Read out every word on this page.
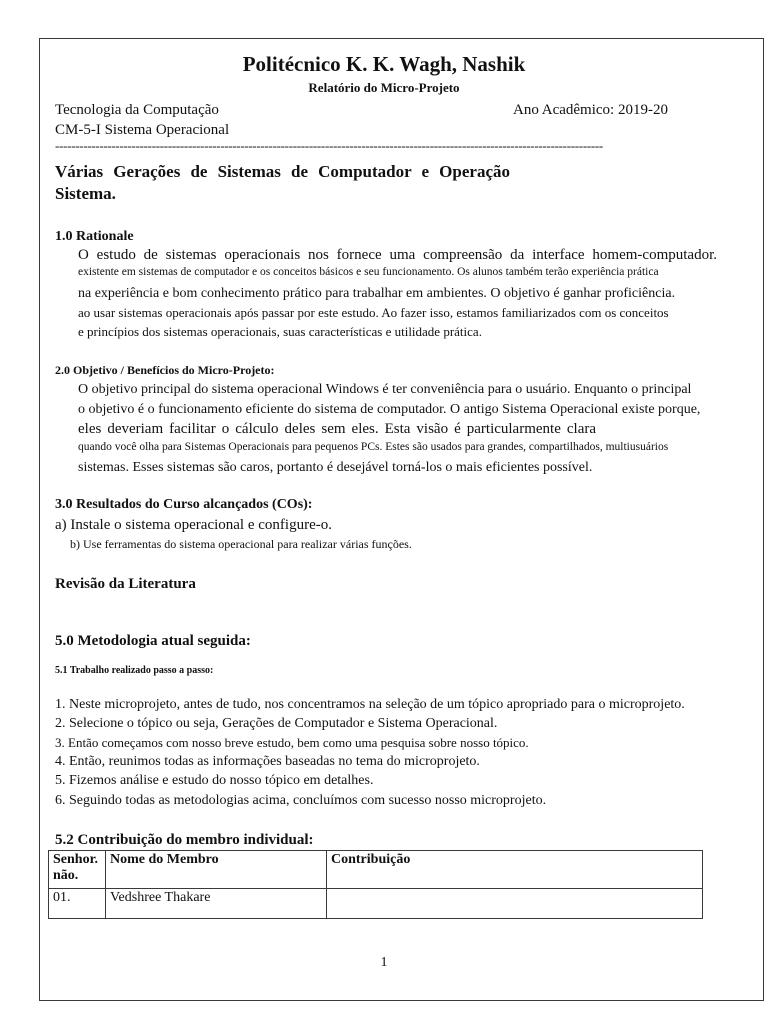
Politécnico K. K. Wagh, Nashik
Relatório do Micro-Projeto
Tecnologia da Computação	Ano Acadêmico: 2019-20
CM-5-I Sistema Operacional
----------------------------------------------------------------------------------------------------------------------------------------
Várias Gerações de Sistemas de Computador e Operação
Sistema.
1.0 Rationale
O estudo de sistemas operacionais nos fornece uma compreensão da interface homem-computador.
existente em sistemas de computador e os conceitos básicos e seu funcionamento. Os alunos também terão experiência prática
na experiência e bom conhecimento prático para trabalhar em ambientes. O objetivo é ganhar proficiência.
ao usar sistemas operacionais após passar por este estudo. Ao fazer isso, estamos familiarizados com os conceitos
e princípios dos sistemas operacionais, suas características e utilidade prática.
2.0 Objetivo / Benefícios do Micro-Projeto:
O objetivo principal do sistema operacional Windows é ter conveniência para o usuário. Enquanto o principal
o objetivo é o funcionamento eficiente do sistema de computador. O antigo Sistema Operacional existe porque,
eles deveriam facilitar o cálculo deles sem eles. Esta visão é particularmente clara
quando você olha para Sistemas Operacionais para pequenos PCs. Estes são usados para grandes, compartilhados, multiusuários
sistemas. Esses sistemas são caros, portanto é desejável torná-los o mais eficientes possível.
3.0 Resultados do Curso alcançados (COs):
a) Instale o sistema operacional e configure-o.
b) Use ferramentas do sistema operacional para realizar várias funções.
Revisão da Literatura
5.0 Metodologia atual seguida:
5.1 Trabalho realizado passo a passo:
1. Neste microprojeto, antes de tudo, nos concentramos na seleção de um tópico apropriado para o microprojeto.
2. Selecione o tópico ou seja, Gerações de Computador e Sistema Operacional.
3. Então começamos com nosso breve estudo, bem como uma pesquisa sobre nosso tópico.
4. Então, reunimos todas as informações baseadas no tema do microprojeto.
5. Fizemos análise e estudo do nosso tópico em detalhes.
6. Seguindo todas as metodologias acima, concluímos com sucesso nosso microprojeto.
5.2 Contribuição do membro individual:
Senhor. não.	Nome do Membro	Contribuição
01.	Vedshree Thakare	
1
